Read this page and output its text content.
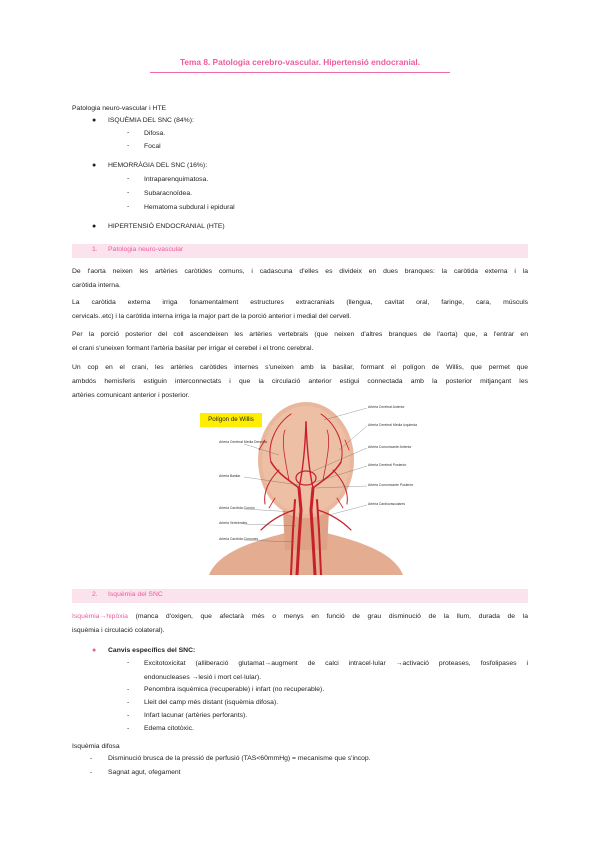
Tema 8. Patologia cerebro-vascular. Hipertensió endocranial.
Patologia neuro-vascular i HTE
● ISQUÈMIA DEL SNC (84%):
- Difosa.
- Focal
● HEMORRÀGIA DEL SNC (16%):
- Intraparenquimatosa.
- Subaracnoïdea.
- Hematoma subdural i epidural
● HIPERTENSIÓ ENDOCRANIAL (HTE)
1. Patologia neuro-vascular
De l'aorta neixen les artèries caròtides comuns, i cadascuna d'elles es divideix en dues branques: la caròtida externa i la
caròtida interna.
La caròtida externa irriga fonamentalment estructures extracranials (llengua, cavitat oral, faringe, cara, músculs
cervicals..etc) i la caròtida interna irriga la major part de la porció anterior i medial del cervell.
Per la porció posterior del coll ascendeixen les artèries vertebrals (que neixen d'altres branques de l'aorta) que, a l'entrar en
el crani s'uneixen formant l'artèria basilar per irrigar el cerebel i el tronc cerebral.
Un cop en el crani, les artèries caròtides internes s'uneixen amb la basilar, formant el polígon de Willis, que permet que
ambdós hemisferis estiguin interconnectats i que la circulació anterior estigui connectada amb la posterior mitjançant les
artèries comunicant anterior i posterior.
Polígon de Willis
Arteria Cerebral Media Derecha
Arteria Basilar
Arteria Carótida Común
Arteria Vertebrales
Arteria Carótida Comunes
Arteria Cerebral Anterior
Arteria Cerebral Media Izquierda
Arteria Comunicante Anterior
Arteria Cerebral Posterior
Arteria Comunicante Posterior
Arteria Cardiovasculares
2. Isquèmia del SNC
Isquèmia→hipòxia (manca d'oxigen, que afectarà més o menys en funció de grau disminució de la llum, durada de la
isquèmia i circulació colateral).
● Canvis específics del SNC:
- Excitotoxicitat (alliberació glutamat→augment de calci intracel·lular →activació proteases, fosfolipases i
endonucleases →lesió i mort cel·lular).
- Penombra isquèmica (recuperable) i infart (no recuperable).
- Lleit del camp més distant (isquèmia difosa).
- Infart lacunar (artèries perforants).
- Edema citotòxic.
Isquèmia difosa
- Disminució brusca de la pressió de perfusió (TAS<60mmHg) = mecanisme que s'incop.
- Sagnat agut, ofegament
